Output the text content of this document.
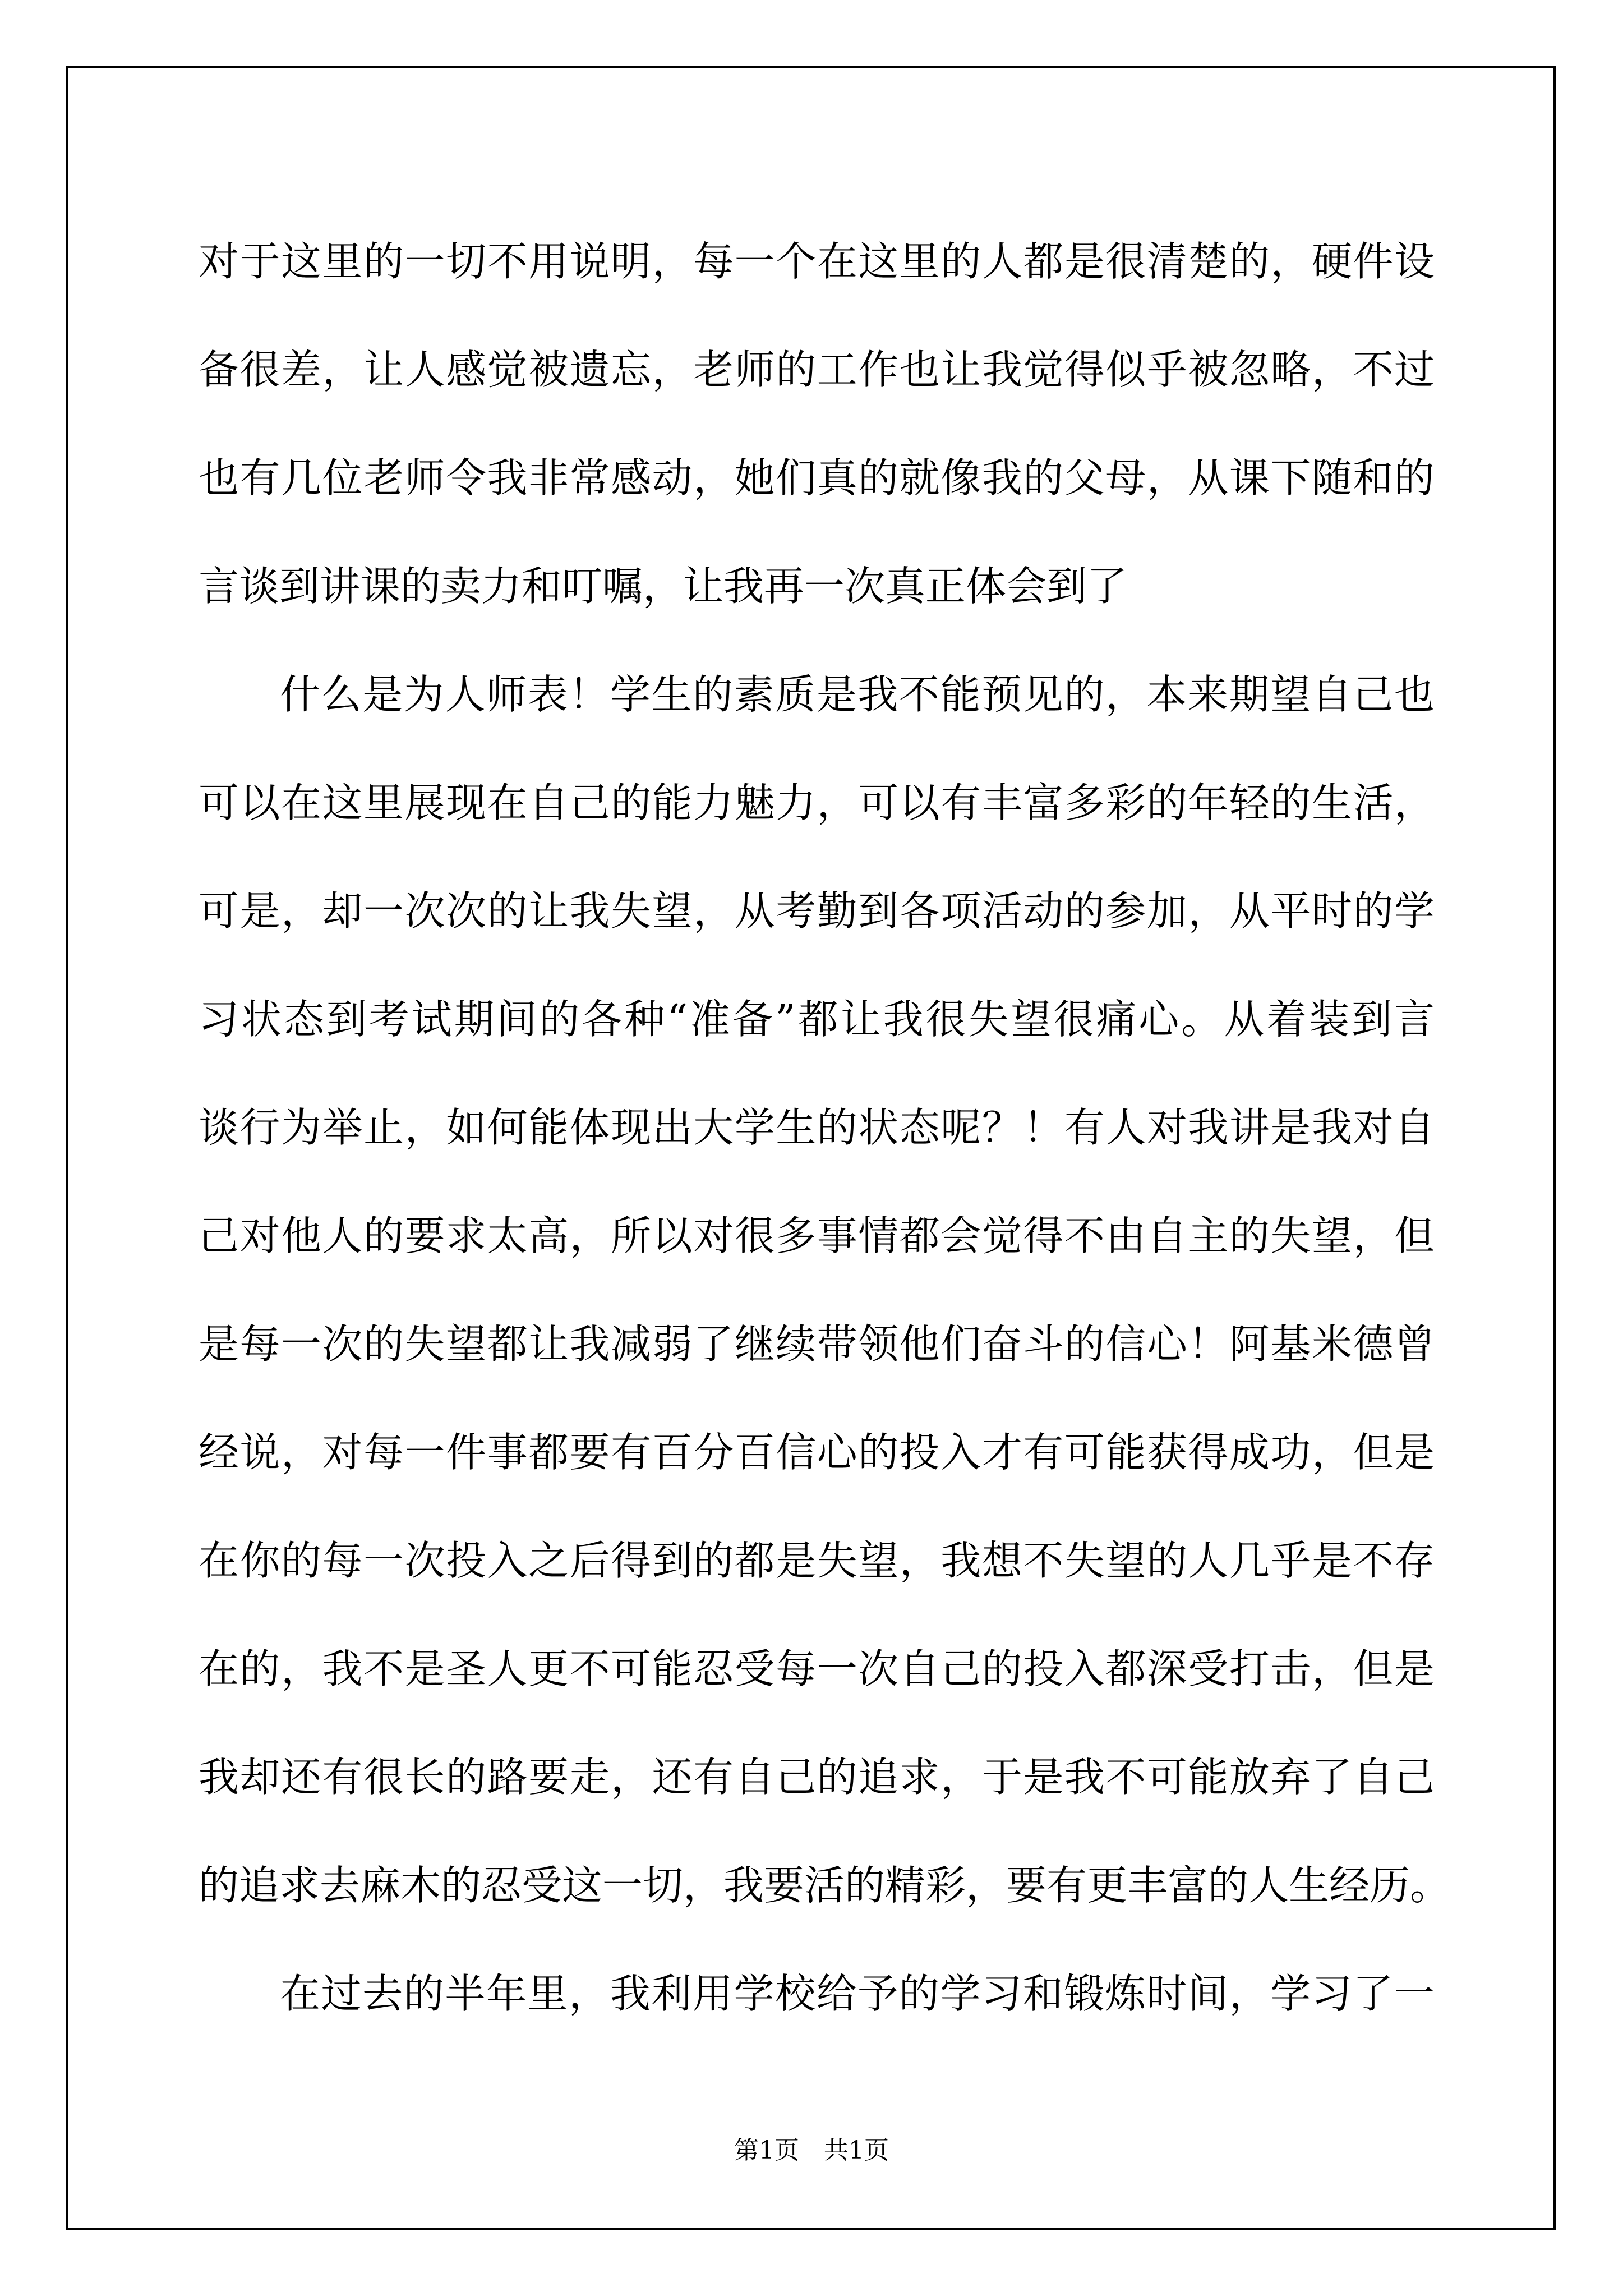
对于这里的一切不用说明，每一个在这里的人都是很清楚的，硬件设
备很差，让人感觉被遗忘，老师的工作也让我觉得似乎被忽略，不过
也有几位老师令我非常感动，她们真的就像我的父母，从课下随和的
言谈到讲课的卖力和叮嘱，让我再一次真正体会到了
什么是为人师表！学生的素质是我不能预见的，本来期望自己也
可以在这里展现在自己的能力魅力，可以有丰富多彩的年轻的生活，
可是，却一次次的让我失望，从考勤到各项活动的参加，从平时的学
习状态到考试期间的各种“准备”都让我很失望很痛心。从着装到言
谈行为举止，如何能体现出大学生的状态呢？！有人对我讲是我对自
己对他人的要求太高，所以对很多事情都会觉得不由自主的失望，但
是每一次的失望都让我减弱了继续带领他们奋斗的信心！阿基米德曾
经说，对每一件事都要有百分百信心的投入才有可能获得成功，但是
在你的每一次投入之后得到的都是失望，我想不失望的人几乎是不存
在的，我不是圣人更不可能忍受每一次自己的投入都深受打击，但是
我却还有很长的路要走，还有自己的追求，于是我不可能放弃了自己
的追求去麻木的忍受这一切，我要活的精彩，要有更丰富的人生经历。
在过去的半年里，我利用学校给予的学习和锻炼时间，学习了一
第1页　共1页
